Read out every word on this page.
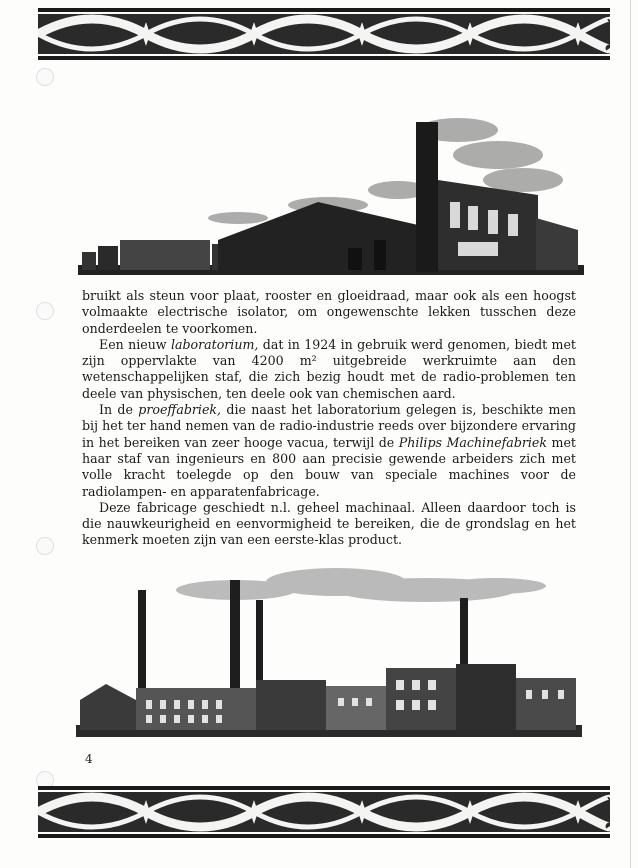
bruikt als steun voor plaat, rooster en gloeidraad, maar ook als een hoogst volmaakte electrische isolator, om ongewenschte lekken tusschen deze onderdeelen te voorkomen.

Een nieuw laboratorium, dat in 1924 in gebruik werd genomen, biedt met zijn oppervlakte van 4200 m² uitgebreide werkruimte aan den wetenschappelijken staf, die zich bezig houdt met de radio-problemen ten deele van physischen, ten deele ook van chemischen aard.

In de proeffabriek, die naast het laboratorium gelegen is, beschikte men bij het ter hand nemen van de radio-industrie reeds over bijzondere ervaring in het bereiken van zeer hooge vacua, terwijl de Philips Machinefabriek met haar staf van ingenieurs en 800 aan precisie gewende arbeiders zich met volle kracht toelegde op den bouw van speciale machines voor de radiolampen- en apparatenfabricage.

Deze fabricage geschiedt n.l. geheel machinaal. Alleen daardoor toch is die nauwkeurigheid en eenvormigheid te bereiken, die de grondslag en het kenmerk moeten zijn van een eerste-klas product.

4
